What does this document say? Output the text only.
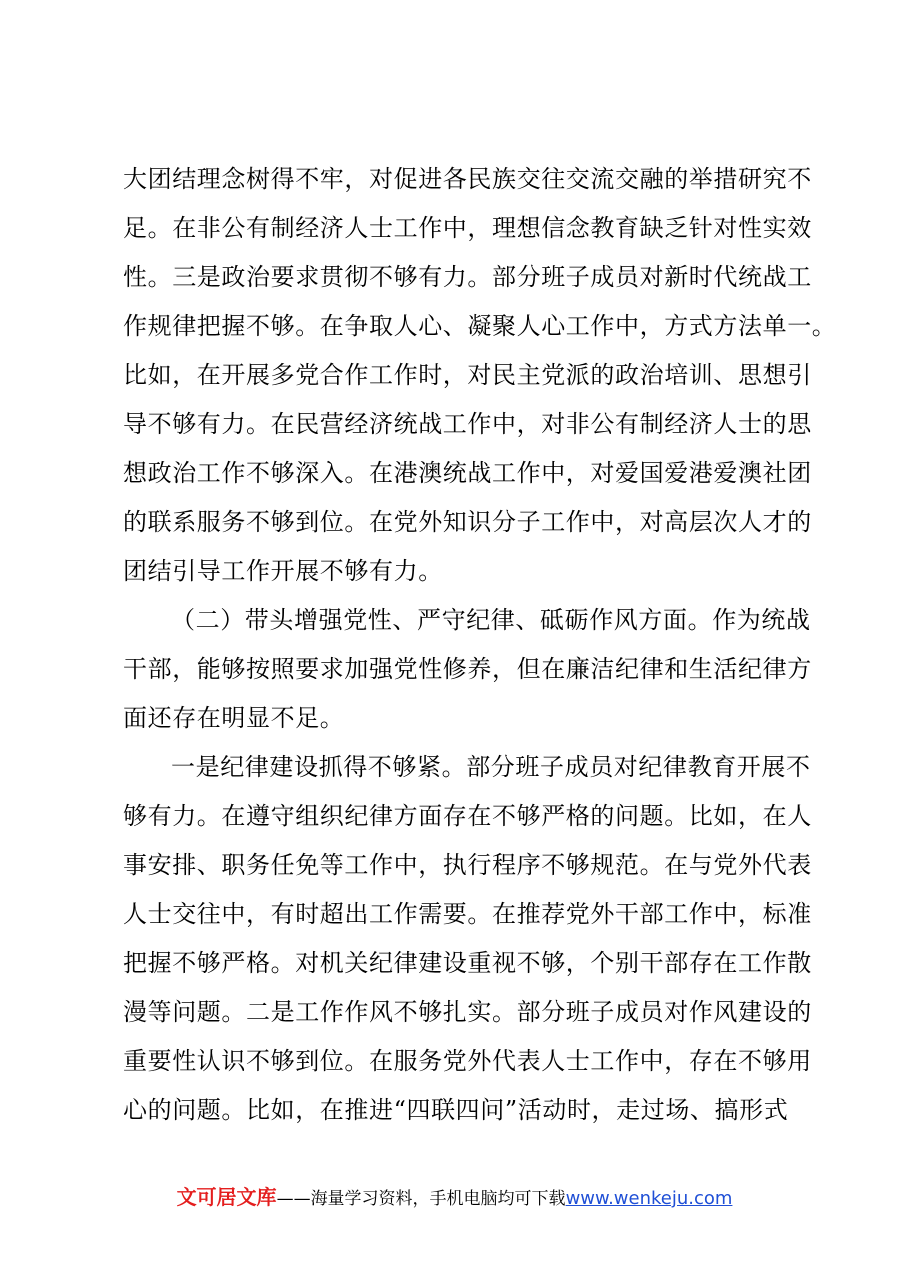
大团结理念树得不牢，对促进各民族交往交流交融的举措研究不
足。在非公有制经济人士工作中，理想信念教育缺乏针对性实效
性。三是政治要求贯彻不够有力。部分班子成员对新时代统战工
作规律把握不够。在争取人心、凝聚人心工作中，方式方法单一。
比如，在开展多党合作工作时，对民主党派的政治培训、思想引
导不够有力。在民营经济统战工作中，对非公有制经济人士的思
想政治工作不够深入。在港澳统战工作中，对爱国爱港爱澳社团
的联系服务不够到位。在党外知识分子工作中，对高层次人才的
团结引导工作开展不够有力。
（二）带头增强党性、严守纪律、砥砺作风方面。作为统战
干部，能够按照要求加强党性修养，但在廉洁纪律和生活纪律方
面还存在明显不足。
一是纪律建设抓得不够紧。部分班子成员对纪律教育开展不
够有力。在遵守组织纪律方面存在不够严格的问题。比如，在人
事安排、职务任免等工作中，执行程序不够规范。在与党外代表
人士交往中，有时超出工作需要。在推荐党外干部工作中，标准
把握不够严格。对机关纪律建设重视不够，个别干部存在工作散
漫等问题。二是工作作风不够扎实。部分班子成员对作风建设的
重要性认识不够到位。在服务党外代表人士工作中，存在不够用
心的问题。比如，在推进“四联四问”活动时，走过场、搞形式
文可居文库——海量学习资料，手机电脑均可下载www.wenkeju.com
